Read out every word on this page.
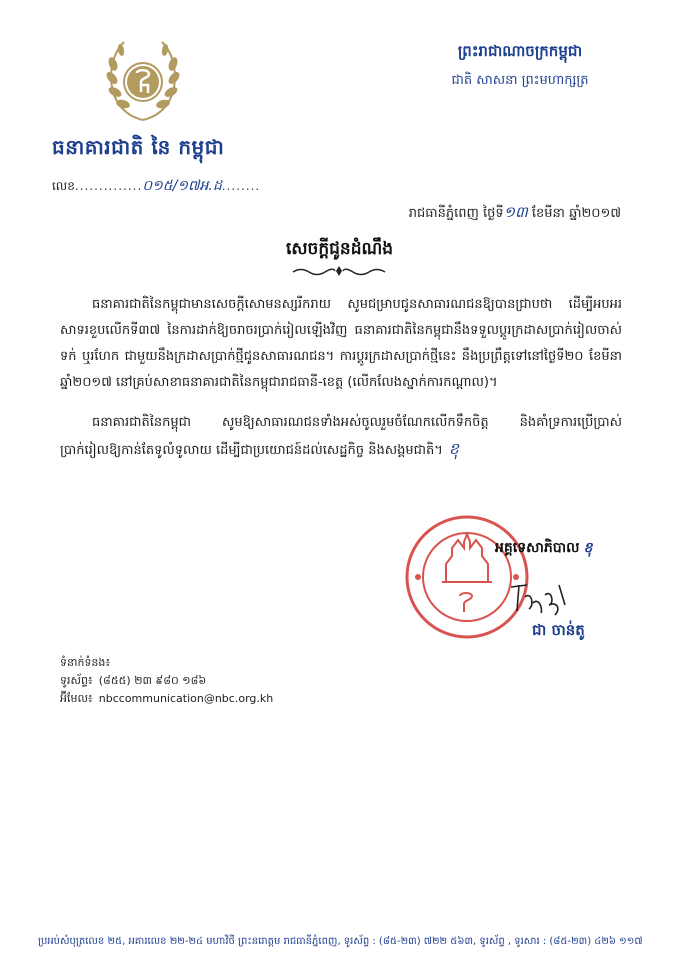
ធនាគារជាតិ នៃ កម្ពុជា
ព្រះរាជាណាចក្រកម្ពុជា
ជាតិ សាសនា ព្រះមហាក្សត្រ
លេខ..............០១៥/១៧អ.ដ........
រាជធានីភ្នំពេញ ថ្ងៃទី១៣ ខែមីនា ឆ្នាំ២០១៧
សេចក្តីជូនដំណឹង

ធនាគារជាតិនៃកម្ពុជាមានសេចក្តីសោមនស្សរីករាយ សូមជម្រាបជូនសាធារណជនឱ្យបានជ្រាបថា ដើម្បីអបអរសាទរខួបលើកទី៣៧ នៃការដាក់ឱ្យចរាចរប្រាក់រៀលឡើងវិញ ធនាគារជាតិនៃកម្ពុជានឹងទទួលប្តូរក្រដាសប្រាក់រៀលចាស់ ទក់ ឬរហែក ជាមួយនឹងក្រដាសប្រាក់ថ្មីជូនសាធារណជន។ ការប្តូរក្រដាសប្រាក់ថ្មីនេះ នឹងប្រព្រឹត្តទៅនៅថ្ងៃទី២០ ខែមីនា ឆ្នាំ២០១៧ នៅគ្រប់សាខាធនាគារជាតិនៃកម្ពុជារាជធានី-ខេត្ត (លើកលែងស្នាក់ការកណ្តាល)។

ធនាគារជាតិនៃកម្ពុជា សូមឱ្យសាធារណជនទាំងអស់ចូលរួមចំណែកលើកទឹកចិត្ត និងគាំទ្រការប្រើប្រាស់ប្រាក់រៀលឱ្យកាន់តែទូលំទូលាយ ដើម្បីជាប្រយោជន៍ដល់សេដ្ឋកិច្ច និងសង្គមជាតិ។ ខុ

អគ្គទេសាភិបាល ខុ
ជា ចាន់តូ
ទំនាក់ទំនង៖
ទូរស័ព្ទ៖ (៨៥៥) ២៣ ៩៨០ ១៨៦
អ៊ីមែល៖ nbccommunication@nbc.org.kh
ប្រអប់សំបុត្រលេខ ២៥, អគារលេខ ២២-២៤ មហាវិថី ព្រះនរោត្តម រាជធានីភ្នំពេញ, ទូរស័ព្ទ : (៨៥-២៣) ៧២២ ៥៦៣, ទូរស័ព្ទ , ទូរសារ : (៨៥-២៣) ៤២៦ ១១៧
